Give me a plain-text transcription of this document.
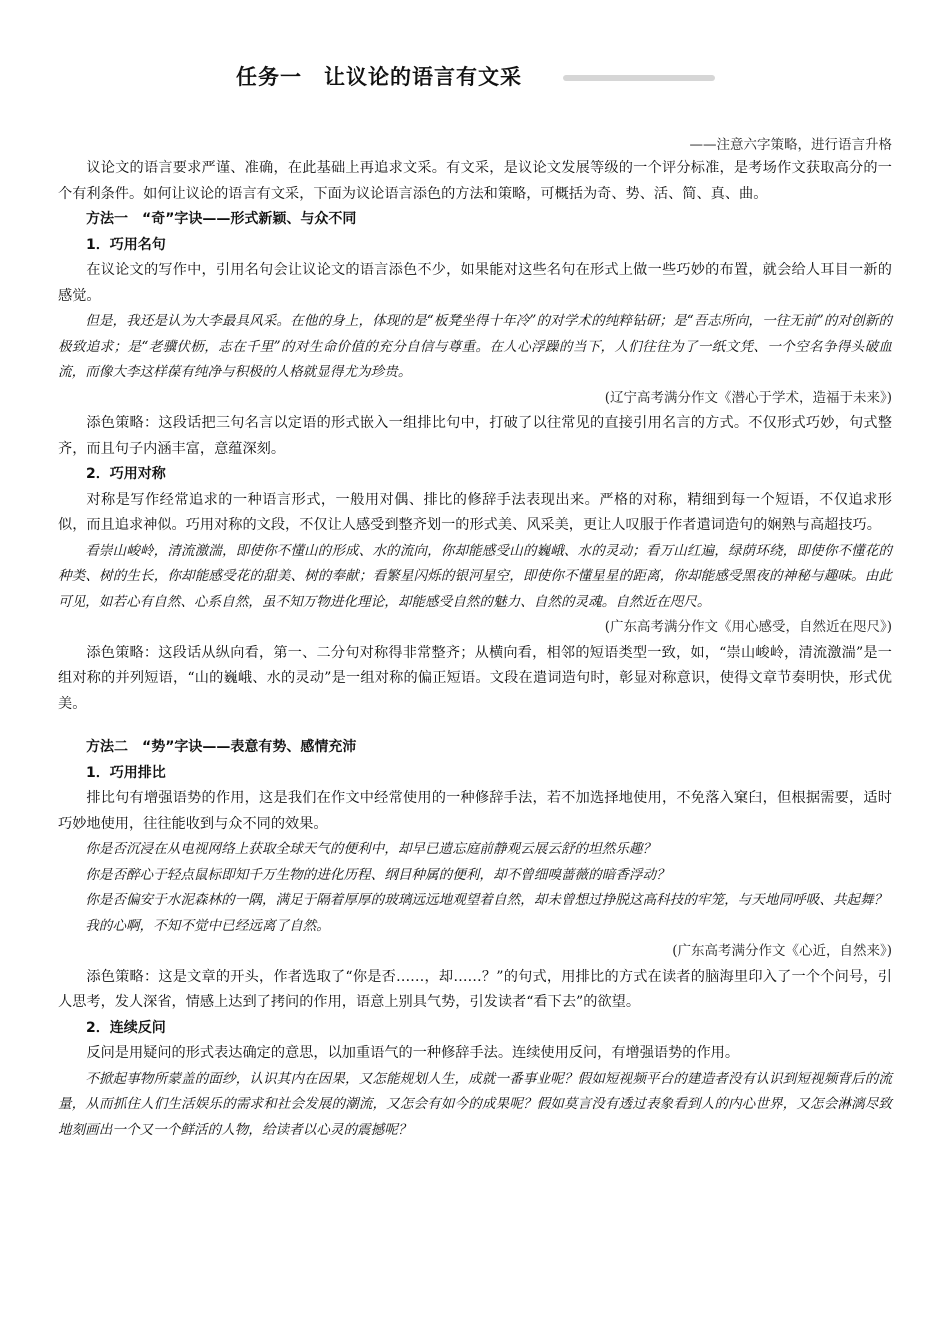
任务一　让议论的语言有文采
——注意六字策略，进行语言升格

议论文的语言要求严谨、准确，在此基础上再追求文采。有文采，是议论文发展等级的一个评分标准，是考场作文获取高分的一个有利条件。如何让议论的语言有文采，下面为议论语言添色的方法和策略，可概括为奇、势、活、简、真、曲。

方法一　“奇”字诀——形式新颖、与众不同

1．巧用名句

在议论文的写作中，引用名句会让议论文的语言添色不少，如果能对这些名句在形式上做一些巧妙的布置，就会给人耳目一新的感觉。

但是，我还是认为大李最具风采。在他的身上，体现的是“板凳坐得十年冷”的对学术的纯粹钻研；是“吾志所向，一往无前”的对创新的极致追求；是“老骥伏枥，志在千里”的对生命价值的充分自信与尊重。在人心浮躁的当下，人们往往为了一纸文凭、一个空名争得头破血流，而像大李这样葆有纯净与积极的人格就显得尤为珍贵。

(辽宁高考满分作文《潜心于学术，造福于未来》)

添色策略：这段话把三句名言以定语的形式嵌入一组排比句中，打破了以往常见的直接引用名言的方式。不仅形式巧妙，句式整齐，而且句子内涵丰富，意蕴深刻。

2．巧用对称

对称是写作经常追求的一种语言形式，一般用对偶、排比的修辞手法表现出来。严格的对称，精细到每一个短语，不仅追求形似，而且追求神似。巧用对称的文段，不仅让人感受到整齐划一的形式美、风采美，更让人叹服于作者遣词造句的娴熟与高超技巧。

看崇山峻岭，清流激湍，即使你不懂山的形成、水的流向，你却能感受山的巍峨、水的灵动；看万山红遍，绿荫环绕，即使你不懂花的种类、树的生长，你却能感受花的甜美、树的奉献；看繁星闪烁的银河星空，即使你不懂星星的距离，你却能感受黑夜的神秘与趣味。由此可见，如若心有自然、心系自然，虽不知万物进化理论，却能感受自然的魅力、自然的灵魂。自然近在咫尺。

(广东高考满分作文《用心感受，自然近在咫尺》)

添色策略：这段话从纵向看，第一、二分句对称得非常整齐；从横向看，相邻的短语类型一致，如，“崇山峻岭，清流激湍”是一组对称的并列短语，“山的巍峨、水的灵动”是一组对称的偏正短语。文段在遣词造句时，彰显对称意识，使得文章节奏明快，形式优美。

方法二　“势”字诀——表意有势、感情充沛

1．巧用排比

排比句有增强语势的作用，这是我们在作文中经常使用的一种修辞手法，若不加选择地使用，不免落入窠臼，但根据需要，适时巧妙地使用，往往能收到与众不同的效果。

你是否沉浸在从电视网络上获取全球天气的便利中，却早已遗忘庭前静观云展云舒的坦然乐趣？

你是否醉心于轻点鼠标即知千万生物的进化历程、纲目种属的便利，却不曾细嗅蔷薇的暗香浮动？

你是否偏安于水泥森林的一隅，满足于隔着厚厚的玻璃远远地观望着自然，却未曾想过挣脱这高科技的牢笼，与天地同呼吸、共起舞？

我的心啊，不知不觉中已经远离了自然。

(广东高考满分作文《心近，自然来》)

添色策略：这是文章的开头，作者选取了“你是否……，却……？”的句式，用排比的方式在读者的脑海里印入了一个个问号，引人思考，发人深省，情感上达到了拷问的作用，语意上别具气势，引发读者“看下去”的欲望。

2．连续反问

反问是用疑问的形式表达确定的意思，以加重语气的一种修辞手法。连续使用反问，有增强语势的作用。

不掀起事物所蒙盖的面纱，认识其内在因果，又怎能规划人生，成就一番事业呢？假如短视频平台的建造者没有认识到短视频背后的流量，从而抓住人们生活娱乐的需求和社会发展的潮流，又怎会有如今的成果呢？假如莫言没有透过表象看到人的内心世界，又怎会淋漓尽致地刻画出一个又一个鲜活的人物，给读者以心灵的震撼呢？
